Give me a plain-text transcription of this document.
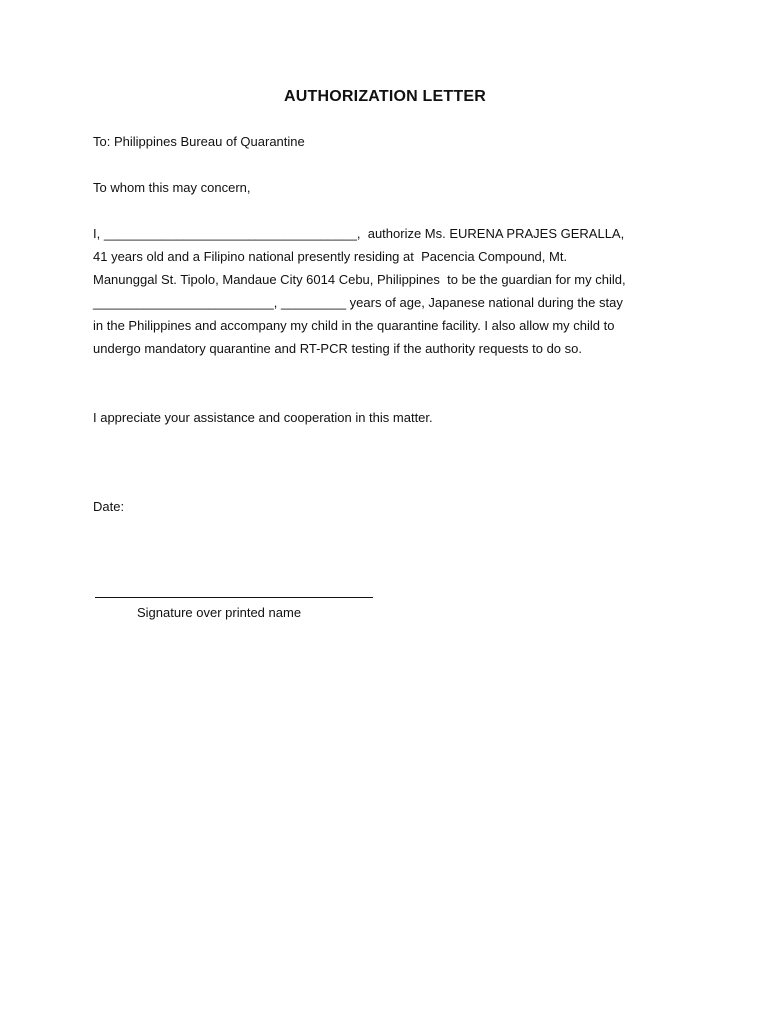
AUTHORIZATION LETTER
To: Philippines Bureau of Quarantine
To whom this may concern,
I, ___________________________________,  authorize Ms. EURENA PRAJES GERALLA,
41 years old and a Filipino national presently residing at  Pacencia Compound, Mt.
Manunggal St. Tipolo, Mandaue City 6014 Cebu, Philippines  to be the guardian for my child,
_________________________, _________ years of age, Japanese national during the stay
in the Philippines and accompany my child in the quarantine facility. I also allow my child to
undergo mandatory quarantine and RT-PCR testing if the authority requests to do so.
I appreciate your assistance and cooperation in this matter.
Date:
Signature over printed name
